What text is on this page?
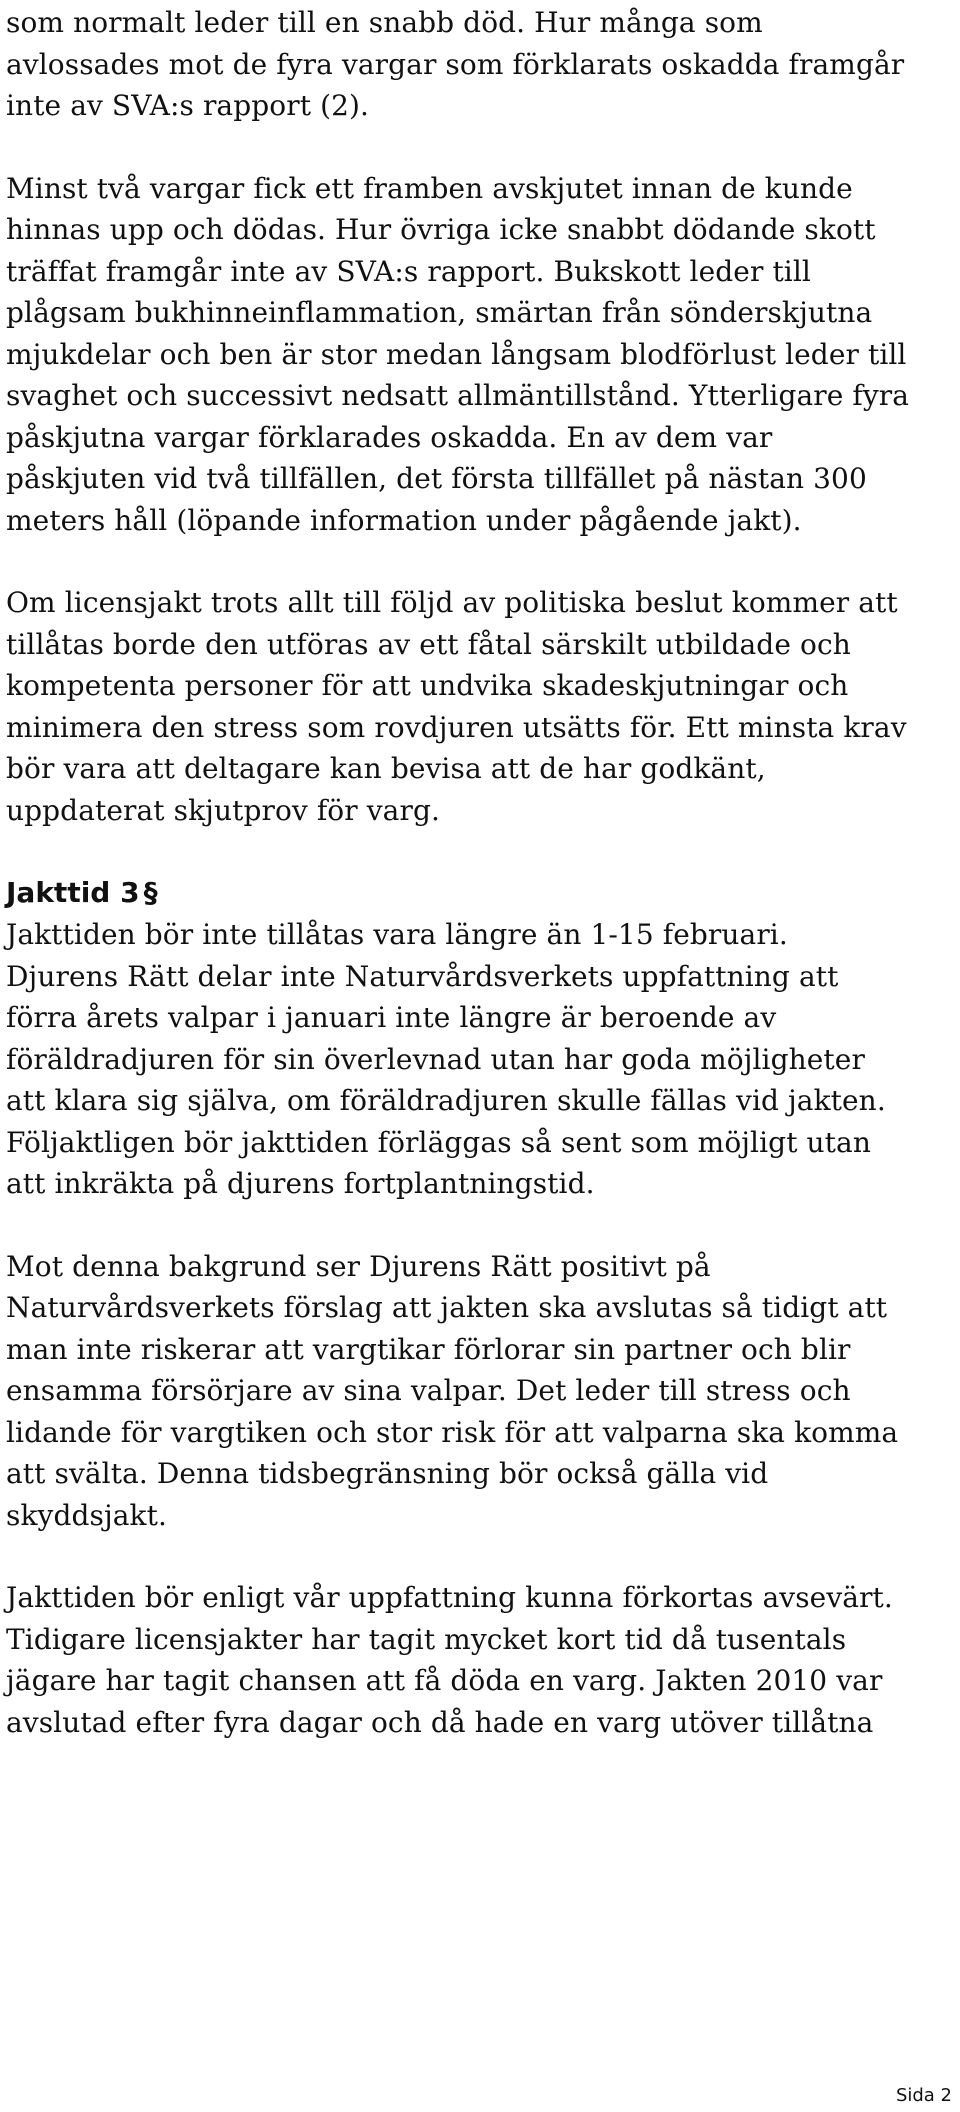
som normalt leder till en snabb död. Hur många som
avlossades mot de fyra vargar som förklarats oskadda framgår
inte av SVA:s rapport (2).

Minst två vargar fick ett framben avskjutet innan de kunde
hinnas upp och dödas. Hur övriga icke snabbt dödande skott
träffat framgår inte av SVA:s rapport. Bukskott leder till
plågsam bukhinneinflammation, smärtan från sönderskjutna
mjukdelar och ben är stor medan långsam blodförlust leder till
svaghet och successivt nedsatt allmäntillstånd. Ytterligare fyra
påskjutna vargar förklarades oskadda. En av dem var
påskjuten vid två tillfällen, det första tillfället på nästan 300
meters håll (löpande information under pågående jakt).

Om licensjakt trots allt till följd av politiska beslut kommer att
tillåtas borde den utföras av ett fåtal särskilt utbildade och
kompetenta personer för att undvika skadeskjutningar och
minimera den stress som rovdjuren utsätts för. Ett minsta krav
bör vara att deltagare kan bevisa att de har godkänt,
uppdaterat skjutprov för varg.

Jakttid 3 §

Jakttiden bör inte tillåtas vara längre än 1-15 februari.
Djurens Rätt delar inte Naturvårdsverkets uppfattning att
förra årets valpar i januari inte längre är beroende av
föräldradjuren för sin överlevnad utan har goda möjligheter
att klara sig själva, om föräldradjuren skulle fällas vid jakten.
Följaktligen bör jakttiden förläggas så sent som möjligt utan
att inkräkta på djurens fortplantningstid.

Mot denna bakgrund ser Djurens Rätt positivt på
Naturvårdsverkets förslag att jakten ska avslutas så tidigt att
man inte riskerar att vargtikar förlorar sin partner och blir
ensamma försörjare av sina valpar. Det leder till stress och
lidande för vargtiken och stor risk för att valparna ska komma
att svälta. Denna tidsbegränsning bör också gälla vid
skyddsjakt.

Jakttiden bör enligt vår uppfattning kunna förkortas avsevärt.
Tidigare licensjakter har tagit mycket kort tid då tusentals
jägare har tagit chansen att få döda en varg. Jakten 2010 var
avslutad efter fyra dagar och då hade en varg utöver tillåtna

Sida 2
